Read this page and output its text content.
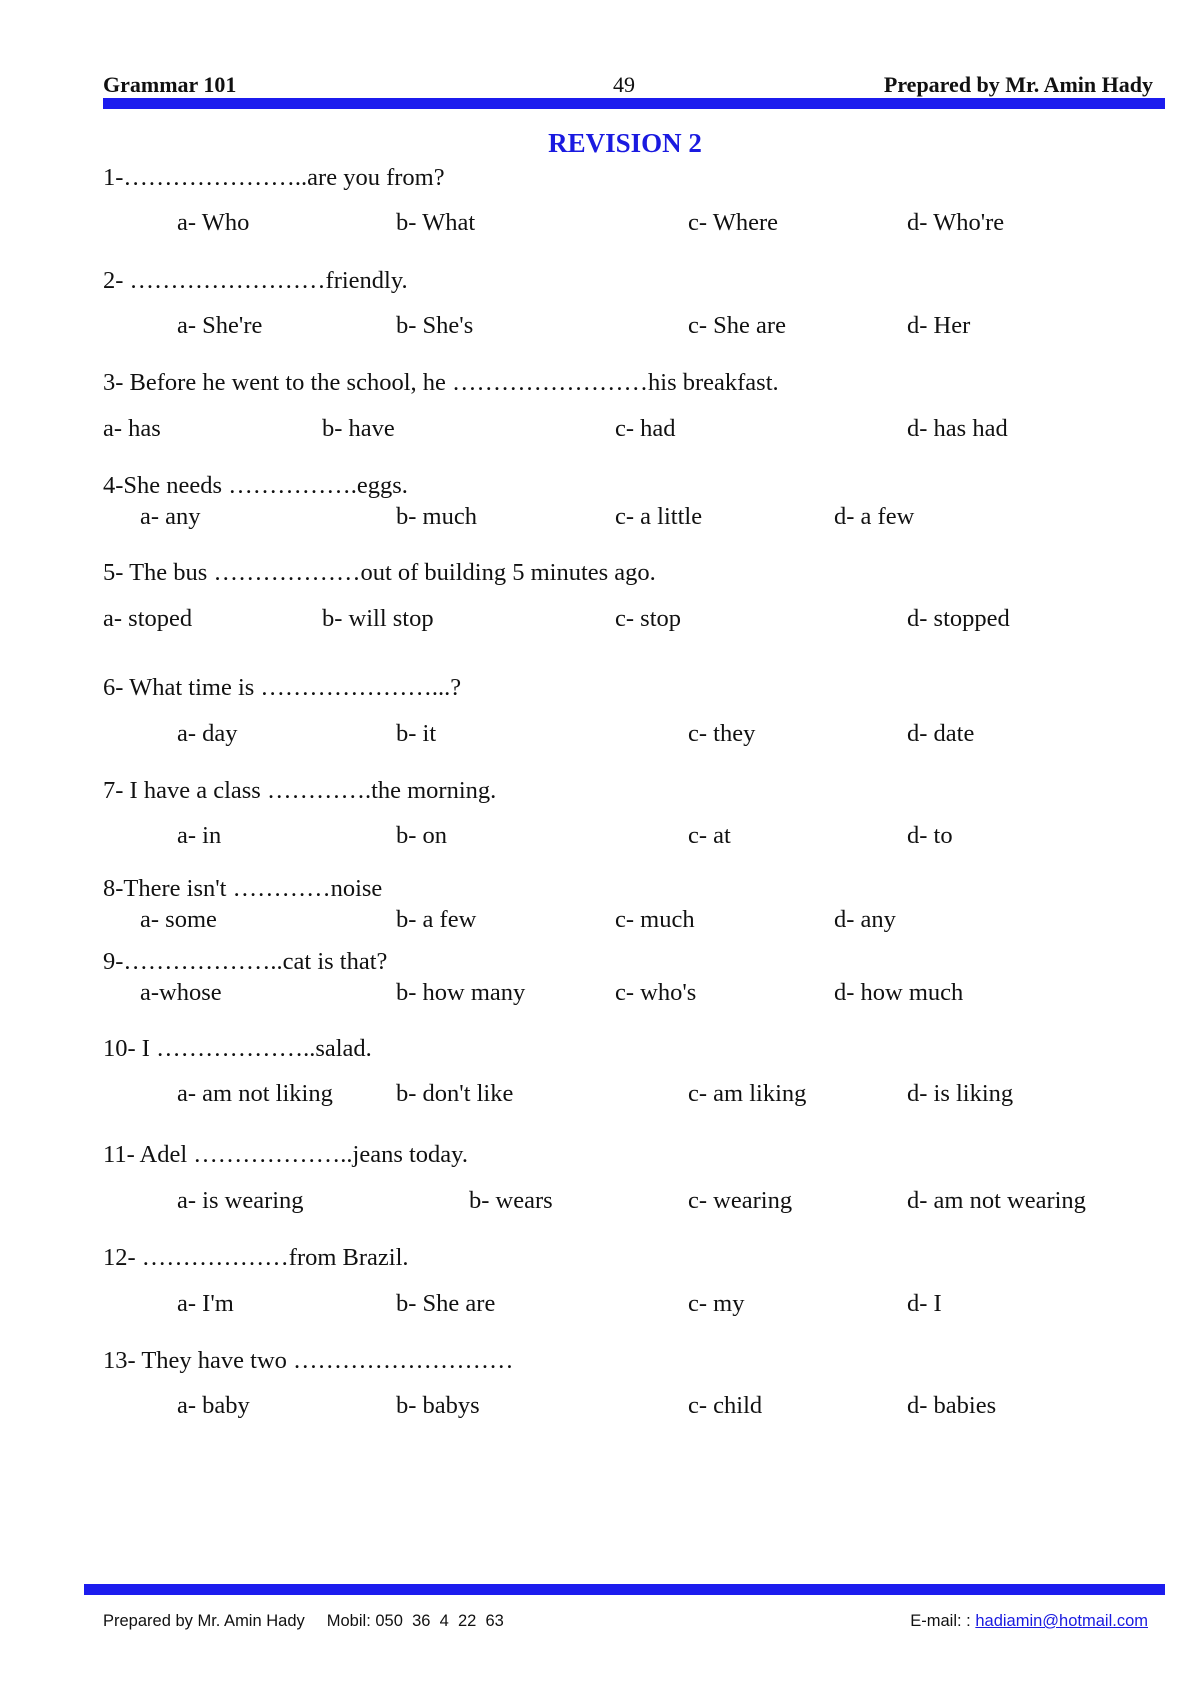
Grammar 101	49	Prepared by Mr. Amin Hady
REVISION 2
1-…………………..are you from?
a- Who	b- What	c- Where	d- Who're
2- ……………………friendly.
a- She're	b- She's	c- She are	d- Her
3- Before he went to the school, he ……………………his breakfast.
a- has	b- have	c- had	d- has had
4-She needs …………….eggs.
a- any	b- much	c- a little	d- a few
5- The bus ………………out of building 5 minutes ago.
a- stoped	b- will stop	c- stop	d- stopped
6- What time is …………………...?
a- day	b- it	c- they	d- date
7- I have a class ………….the morning.
a- in	b- on	c- at	d- to
8-There isn't …………noise
a- some	b- a few	c- much	d- any
9-………………..cat is that?
a-whose	b- how many	c- who's	d- how much
10- I ………………..salad.
a- am not liking	b- don't like	c- am liking	d- is liking
11- Adel ………………..jeans today.
a- is wearing	b- wears	c- wearing	d- am not wearing
12- ………………from Brazil.
a- I'm	b- She are	c- my	d- I
13- They have two ………………………
a- baby	b- babys	c- child	d- babies
Prepared by Mr. Amin Hady Mobil: 050  36  4  22  63	E-mail: : hadiamin@hotmail.com
